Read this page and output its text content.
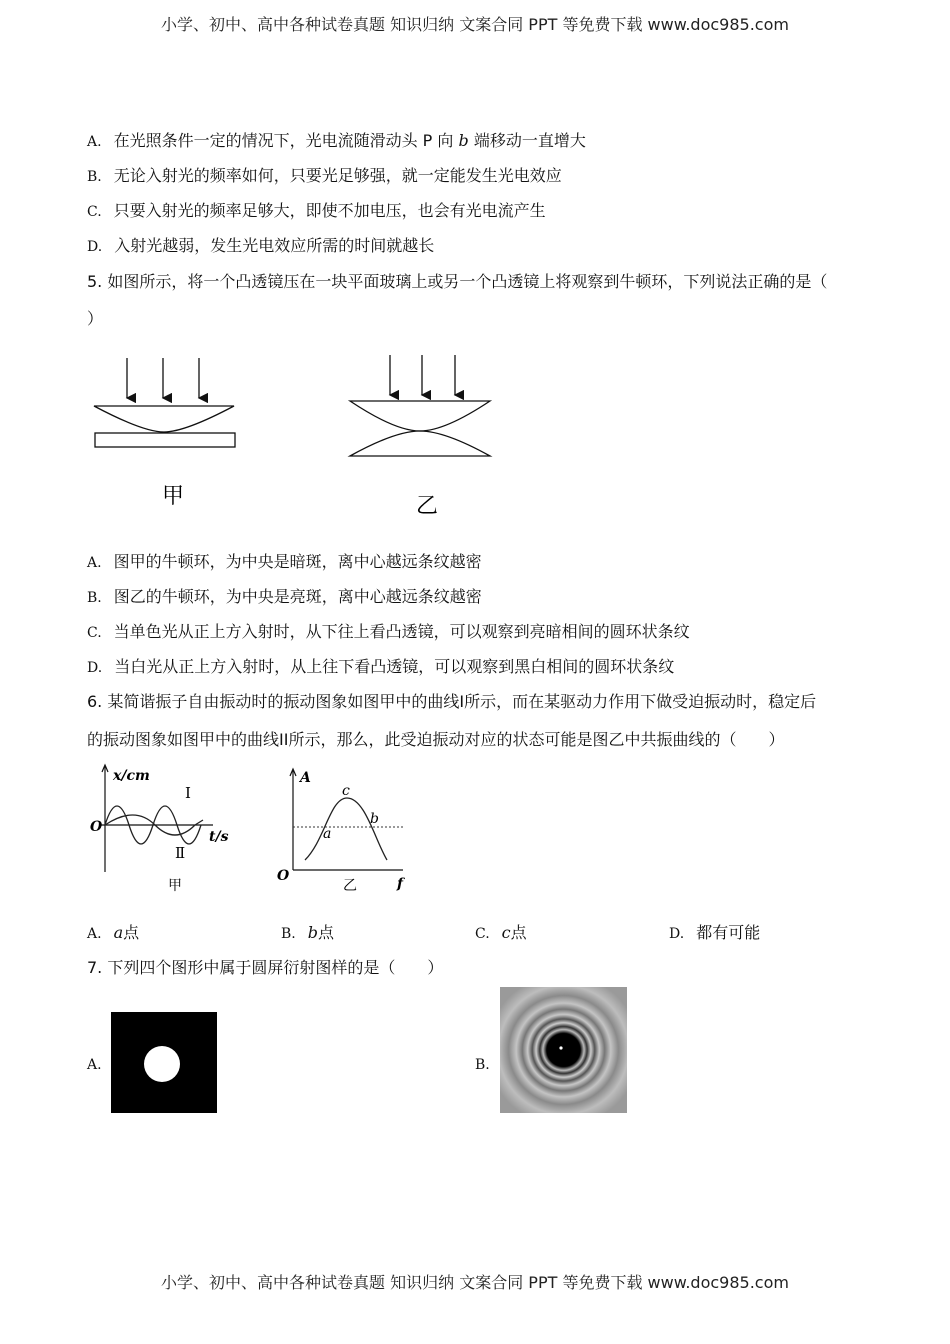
小学、初中、高中各种试卷真题 知识归纳 文案合同 PPT 等免费下载 www.doc985.com
A. 在光照条件一定的情况下，光电流随滑动头 P 向 b 端移动一直增大
B. 无论入射光的频率如何，只要光足够强，就一定能发生光电效应
C. 只要入射光的频率足够大，即使不加电压，也会有光电流产生
D. 入射光越弱，发生光电效应所需的时间就越长
5. 如图所示，将一个凸透镜压在一块平面玻璃上或另一个凸透镜上将观察到牛顿环，下列说法正确的是（
）
甲	乙
A. 图甲的牛顿环，为中央是暗斑，离中心越远条纹越密
B. 图乙的牛顿环，为中央是亮斑，离中心越远条纹越密
C. 当单色光从正上方入射时，从下往上看凸透镜，可以观察到亮暗相间的圆环状条纹
D. 当白光从正上方入射时，从上往下看凸透镜，可以观察到黑白相间的圆环状条纹
6. 某简谐振子自由振动时的振动图象如图甲中的曲线I所示，而在某驱动力作用下做受迫振动时，稳定后
的振动图象如图甲中的曲线II所示，那么，此受迫振动对应的状态可能是图乙中共振曲线的（　　）
x/cm
O
t/s
I
Ⅱ
甲
A
O	f
a
b
c
乙
A. a点	B. b点	C. c点	D. 都有可能
7. 下列四个图形中属于圆屏衍射图样的是（　　）
A.	B.
小学、初中、高中各种试卷真题 知识归纳 文案合同 PPT 等免费下载 www.doc985.com
